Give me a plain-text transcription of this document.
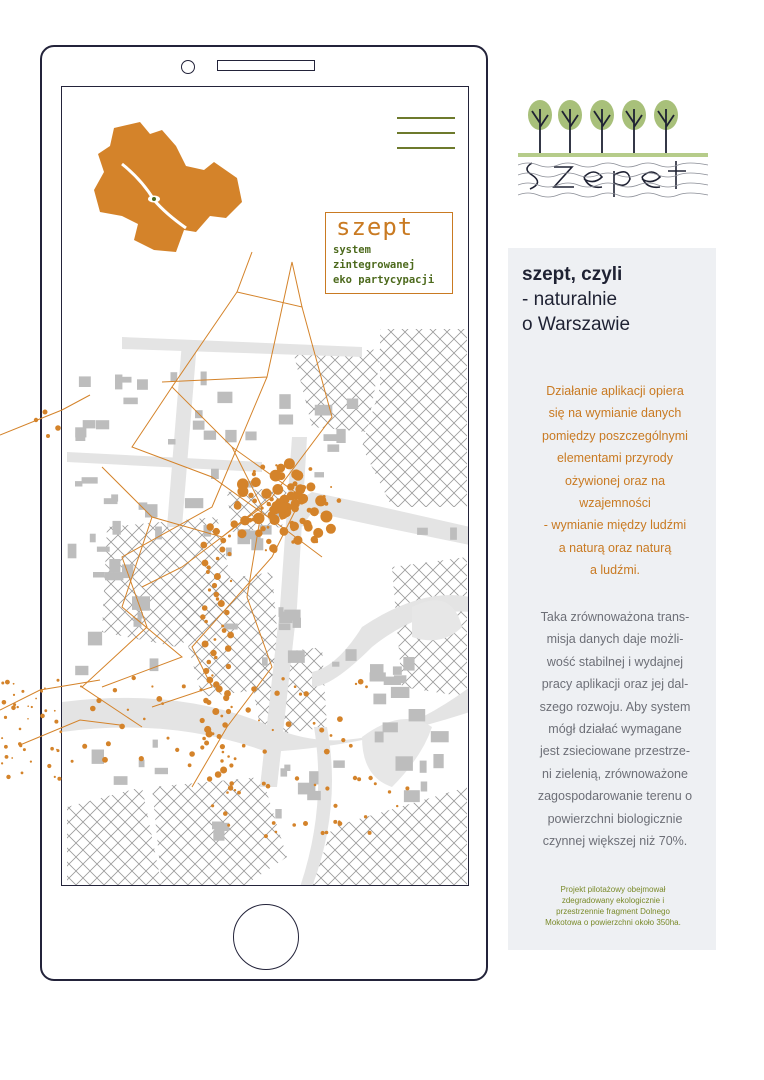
szept
system
zintegrowanej
eko partycypacji	szept, czyli
- naturalnie
o Warszawie
Działanie aplikacji opiera
się na wymianie danych
pomiędzy poszczególnymi
elementami przyrody
ożywionej oraz na
wzajemności
- wymianie między ludźmi
a naturą oraz naturą
a ludźmi.
Taka zrównoważona trans-
misja danych daje możli-
wość stabilnej i wydajnej
pracy aplikacji oraz jej dal-
szego rozwoju. Aby system
mógł działać wymagane
jest zsieciowane przestrze-
ni zielenią, zrównoważone
zagospodarowanie terenu o
powierzchni biologicznie
czynnej większej niż 70%.
Projekt pilotażowy obejmował
zdegradowany ekologicznie i
przestrzennie fragment Dolnego
Mokotowa o powierzchni około 350ha.
